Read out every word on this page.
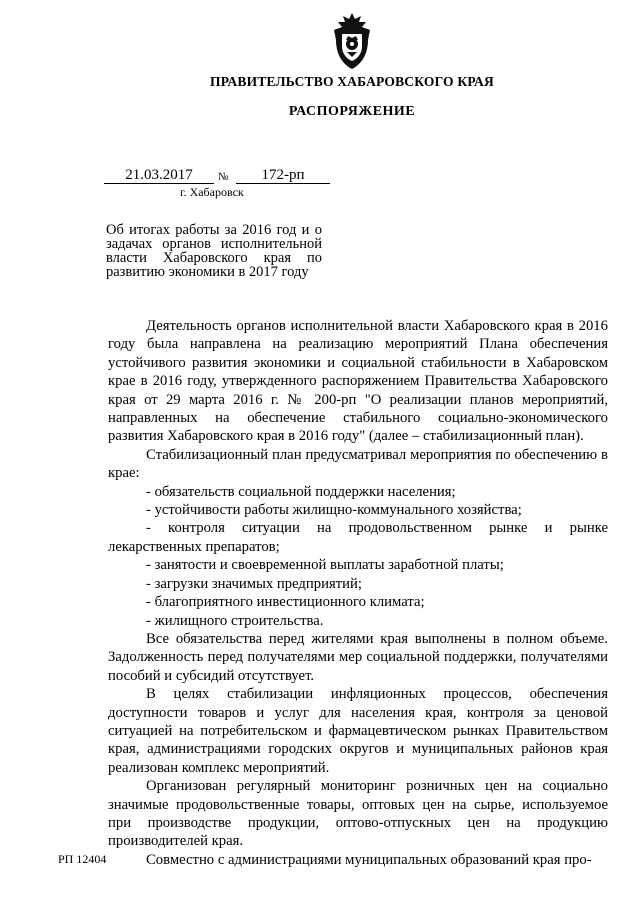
ПРАВИТЕЛЬСТВО ХАБАРОВСКОГО КРАЯ
РАСПОРЯЖЕНИЕ
21.03.2017	№	172-рп
г. Хабаровск
Об итогах работы за 2016 год и о задачах органов исполнительной власти Хабаровского края по развитию экономики в 2017 году

Деятельность органов исполнительной власти Хабаровского края в 2016 году была направлена на реализацию мероприятий Плана обеспечения устойчивого развития экономики и социальной стабильности в Хабаровском крае в 2016 году, утвержденного распоряжением Правительства Хабаровского края от 29 марта 2016 г. № 200-рп "О реализации планов мероприятий, направленных на обеспечение стабильного социально-экономического развития Хабаровского края в 2016 году" (далее – стабилизационный план).

Стабилизационный план предусматривал мероприятия по обеспечению в крае:

- обязательств социальной поддержки населения;

- устойчивости работы жилищно-коммунального хозяйства;

- контроля ситуации на продовольственном рынке и рынке лекарственных препаратов;

- занятости и своевременной выплаты заработной платы;

- загрузки значимых предприятий;

- благоприятного инвестиционного климата;

- жилищного строительства.

Все обязательства перед жителями края выполнены в полном объеме. Задолженность перед получателями мер социальной поддержки, получателями пособий и субсидий отсутствует.

В целях стабилизации инфляционных процессов, обеспечения доступности товаров и услуг для населения края, контроля за ценовой ситуацией на потребительском и фармацевтическом рынках Правительством края, администрациями городских округов и муниципальных районов края реализован комплекс мероприятий.

Организован регулярный мониторинг розничных цен на социально значимые продовольственные товары, оптовых цен на сырье, используемое при производстве продукции, оптово-отпускных цен на продукцию производителей края.

Совместно с администрациями муниципальных образований края про-

РП 12404
